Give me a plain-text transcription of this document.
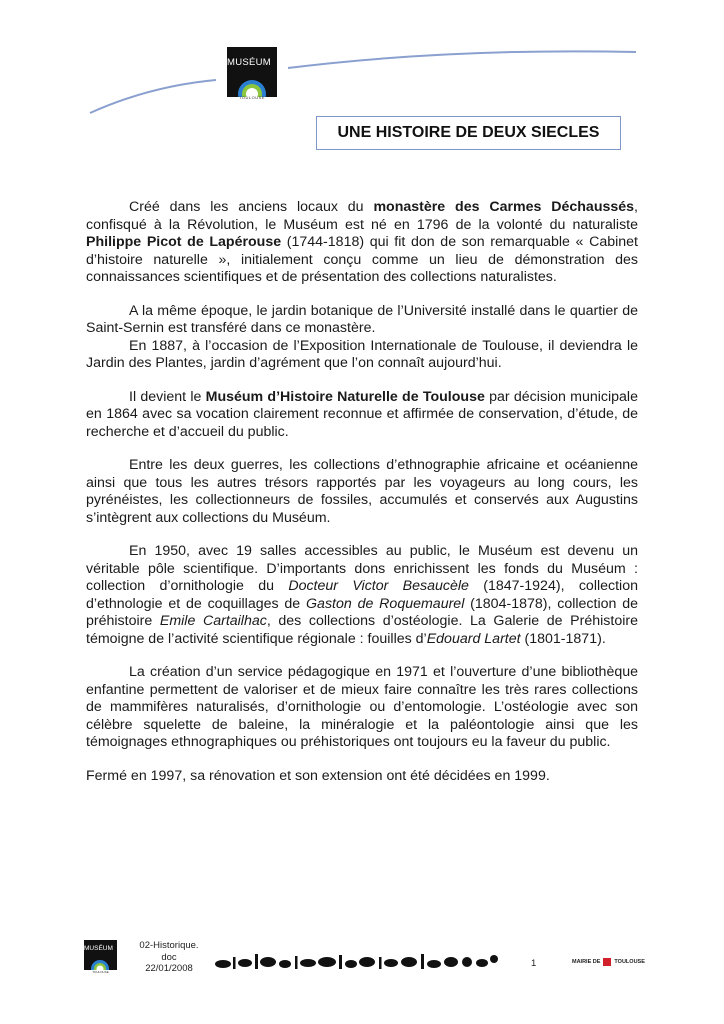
MUSÉUM
TOULOUSE
UNE HISTOIRE DE DEUX SIECLES

Créé dans les anciens locaux du monastère des Carmes Déchaussés, confisqué à la Révolution, le Muséum est né en 1796 de la volonté du naturaliste Philippe Picot de Lapérouse (1744-1818) qui fit don de son remarquable « Cabinet d’histoire naturelle », initialement conçu comme un lieu de démonstration des connaissances scientifiques et de présentation des collections naturalistes.

A la même époque, le jardin botanique de l’Université installé dans le quartier de Saint-Sernin est transféré dans ce monastère.

En 1887, à l’occasion de l’Exposition Internationale de Toulouse, il deviendra le Jardin des Plantes, jardin d’agrément que l’on connaît aujourd’hui.

Il devient le Muséum d’Histoire Naturelle de Toulouse par décision municipale en 1864 avec sa vocation clairement reconnue et affirmée de conservation, d’étude, de recherche et d’accueil du public.

Entre les deux guerres, les collections d’ethnographie africaine et océanienne ainsi que tous les autres trésors rapportés par les voyageurs au long cours, les pyrénéistes, les collectionneurs de fossiles, accumulés et conservés aux Augustins s’intègrent aux collections du Muséum.

En 1950, avec 19 salles accessibles au public, le Muséum est devenu un véritable pôle scientifique. D’importants dons enrichissent les fonds du Muséum : collection d’ornithologie du Docteur Victor Besaucèle (1847-1924), collection d’ethnologie et de coquillages de Gaston de Roquemaurel (1804-1878), collection de préhistoire Emile Cartailhac, des collections d’ostéologie. La Galerie de Préhistoire témoigne de l’activité scientifique régionale : fouilles d’Edouard Lartet (1801-1871).

La création d’un service pédagogique en 1971 et l’ouverture d’une bibliothèque enfantine permettent de valoriser et de mieux faire connaître les très rares collections de mammifères naturalisés, d’ornithologie ou d’entomologie. L’ostéologie avec son célèbre squelette de baleine, la minéralogie et la paléontologie ainsi que les témoignages ethnographiques ou préhistoriques ont toujours eu la faveur du public.

Fermé en 1997, sa rénovation et son extension ont été décidées en 1999.

MUSÉUM
TOULOUSE
02-Historique.doc
22/01/2008	1	MAIRIE DE	TOULOUSE
